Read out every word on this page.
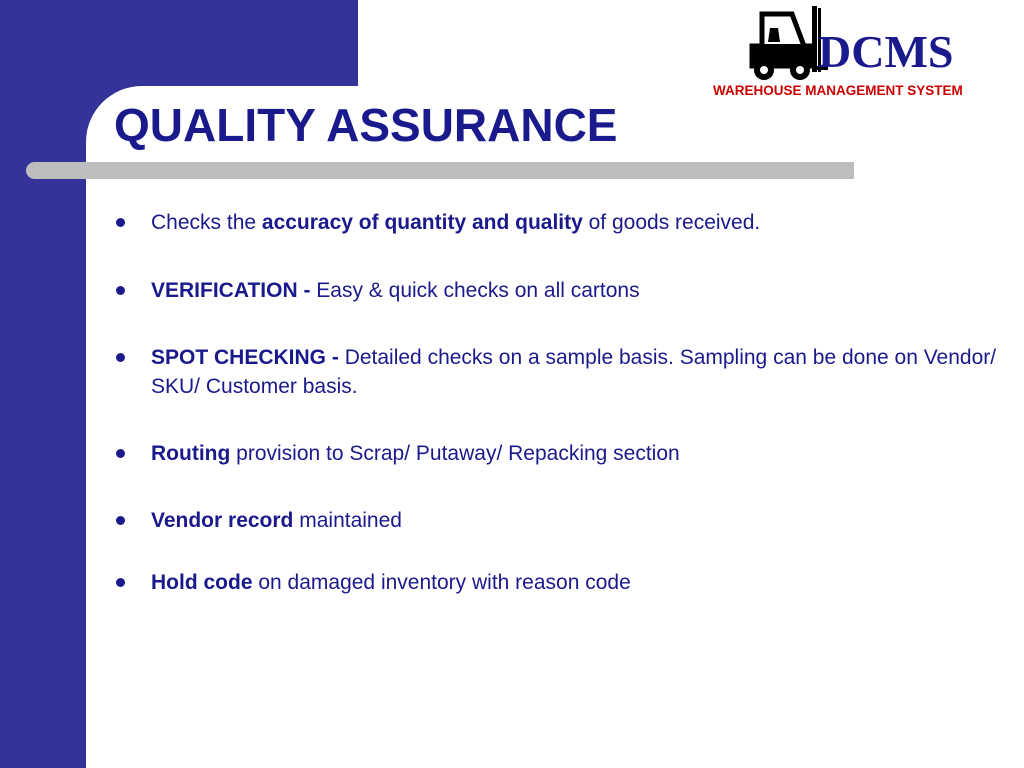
QUALITY ASSURANCE
DCMS
WAREHOUSE MANAGEMENT SYSTEM
Checks the accuracy of quantity and quality of goods received.
VERIFICATION - Easy & quick checks on all cartons
SPOT CHECKING - Detailed checks on a sample basis. Sampling can be done on Vendor/ SKU/ Customer basis.
Routing provision to Scrap/ Putaway/ Repacking section
Vendor record maintained
Hold code on damaged inventory with reason code
